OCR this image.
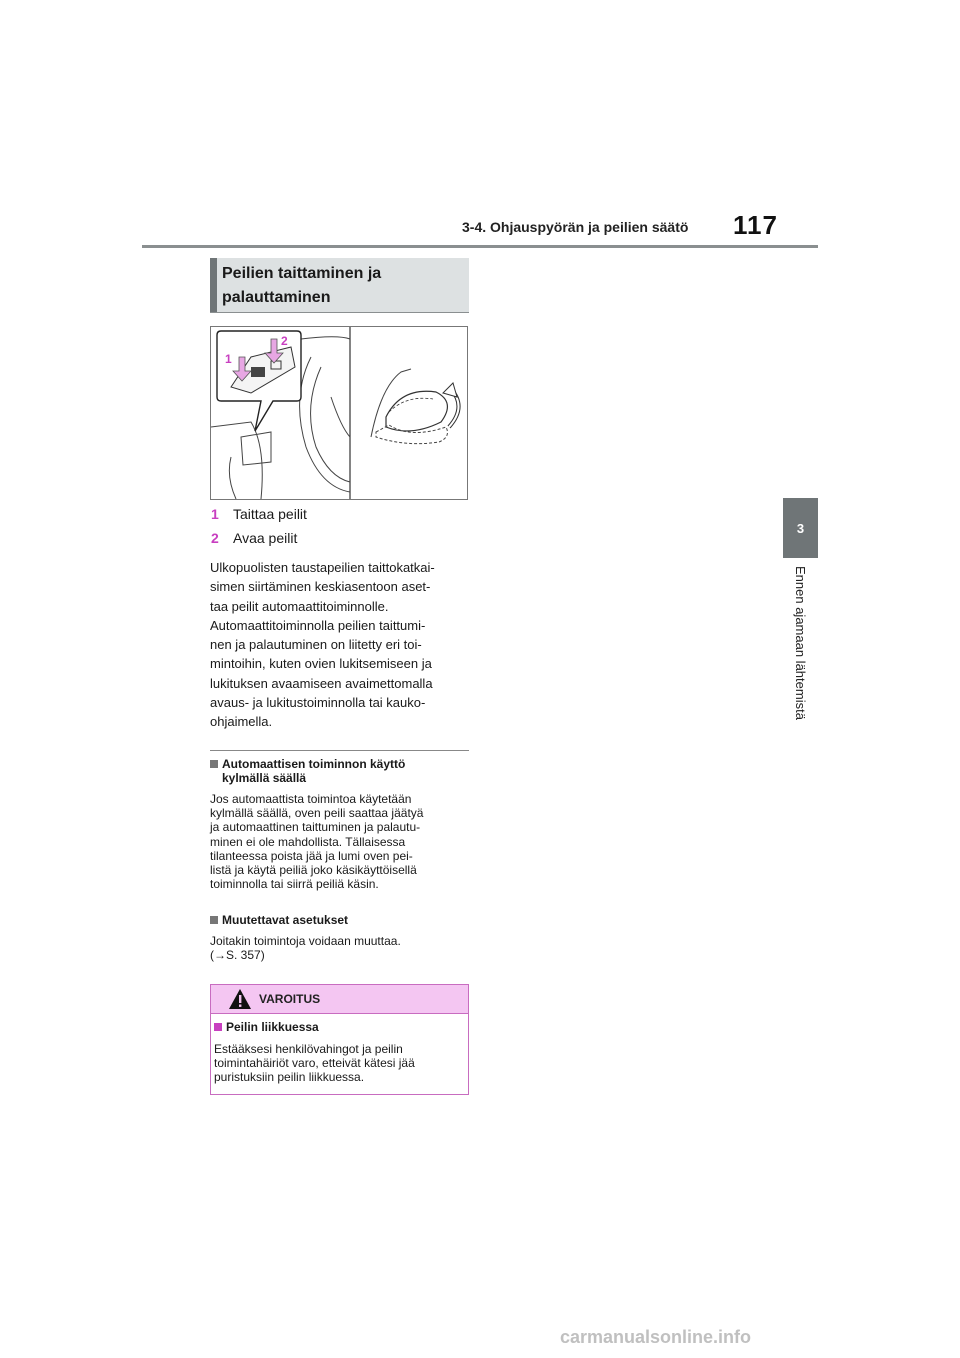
3-4. Ohjauspyörän ja peilien säätö 117
3
Ennen ajamaan lähtemistä
Peilien taittaminen ja
palauttaminen
1
2
1 Taittaa peilit
2 Avaa peilit
Ulkopuolisten taustapeilien taittokatkai-
simen siirtäminen keskiasentoon aset-
taa peilit automaattitoiminnolle.
Automaattitoiminnolla peilien taittumi-
nen ja palautuminen on liitetty eri toi-
mintoihin, kuten ovien lukitsemiseen ja
lukituksen avaamiseen avaimettomalla
avaus- ja lukitustoiminnolla tai kauko-
ohjaimella.
Automaattisen toiminnon käyttö
kylmällä säällä
Jos automaattista toimintoa käytetään
kylmällä säällä, oven peili saattaa jäätyä
ja automaattinen taittuminen ja palautu-
minen ei ole mahdollista. Tällaisessa
tilanteessa poista jää ja lumi oven pei-
listä ja käytä peiliä joko käsikäyttöisellä
toiminnolla tai siirrä peiliä käsin.
Muutettavat asetukset
Joitakin toimintoja voidaan muuttaa.
(→S. 357)
VAROITUS
Peilin liikkuessa
Estääksesi henkilövahingot ja peilin
toimintahäiriöt varo, etteivät kätesi jää
puristuksiin peilin liikkuessa.
carmanualsonline.info
